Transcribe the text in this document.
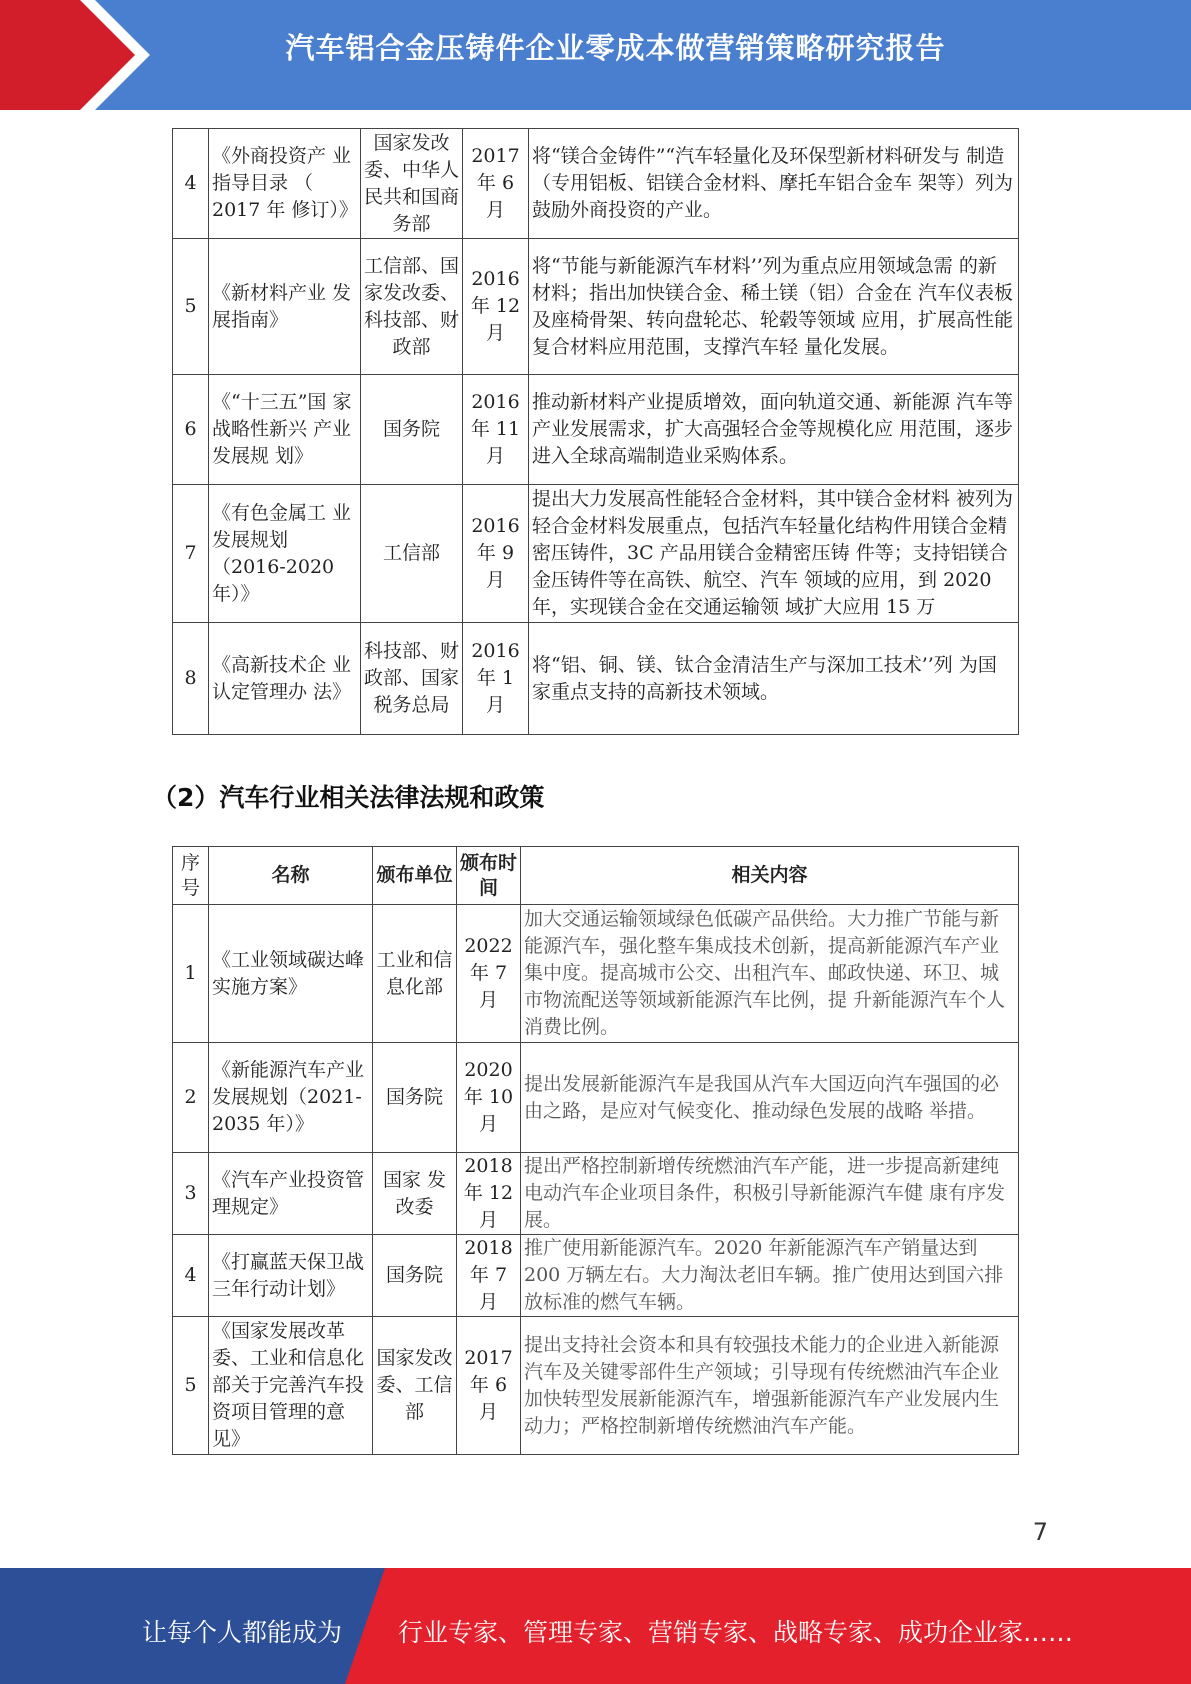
汽车铝合金压铸件企业零成本做营销策略研究报告
4	《外商投资产 业指导目录 （ 2017 年 修订）》	国家发改委、中华人民共和国商务部	2017 年 6 月	将“镁合金铸件”“汽车轻量化及环保型新材料研发与 制造（专用铝板、铝镁合金材料、摩托车铝合金车 架等）列为鼓励外商投资的产业。
5	《新材料产业 发展指南》	工信部、国家发改委、科技部、财政部	2016 年 12 月	将“节能与新能源汽车材料’’列为重点应用领域急需 的新材料；指出加快镁合金、稀土镁（铝）合金在 汽车仪表板及座椅骨架、转向盘轮芯、轮毂等领域 应用，扩展高性能复合材料应用范围，支撑汽车轻 量化发展。
6	《“十三五”国 家战略性新兴 产业发展规 划》	国务院	2016 年 11 月	推动新材料产业提质增效，面向轨道交通、新能源 汽车等产业发展需求，扩大高强轻合金等规模化应 用范围，逐步进入全球高端制造业采购体系。
7	《有色金属工 业发展规划（2016-2020 年）》	工信部	2016 年 9 月	提出大力发展高性能轻合金材料，其中镁合金材料 被列为轻合金材料发展重点，包括汽车轻量化结构件用镁合金精密压铸件，3C 产品用镁合金精密压铸 件等；支持铝镁合金压铸件等在高铁、航空、汽车 领域的应用，到 2020 年，实现镁合金在交通运输领 域扩大应用 15 万
8	《高新技术企 业认定管理办 法》	科技部、财政部、国家税务总局	2016 年 1 月	将“铝、铜、镁、钛合金清洁生产与深加工技术’’列 为国家重点支持的高新技术领域。
（2）汽车行业相关法律法规和政策
序号	名称	颁布单位	颁布时间	相关内容
1	《工业领域碳达峰实施方案》	工业和信息化部	2022 年 7 月	加大交通运输领域绿色低碳产品供给。大力推广节能与新能源汽车，强化整车集成技术创新，提高新能源汽车产业集中度。提高城市公交、出租汽车、邮政快递、环卫、城市物流配送等领域新能源汽车比例，提 升新能源汽车个人消费比例。
2	《新能源汽车产业发展规划（2021-2035 年）》	国务院	2020 年 10 月	提出发展新能源汽车是我国从汽车大国迈向汽车强国的必由之路，是应对气候变化、推动绿色发展的战略 举措。
3	《汽车产业投资管理规定》	国家 发改委	2018 年 12 月	提出严格控制新增传统燃油汽车产能，进一步提高新建纯电动汽车企业项目条件，积极引导新能源汽车健 康有序发展。
4	《打赢蓝天保卫战三年行动计划》	国务院	2018 年 7 月	推广使用新能源汽车。2020 年新能源汽车产销量达到 200 万辆左右。大力淘汰老旧车辆。推广使用达到国六排放标准的燃气车辆。
5	《国家发展改革委、工业和信息化部关于完善汽车投资项目管理的意见》	国家发改委、工信部	2017 年 6 月	提出支持社会资本和具有较强技术能力的企业进入新能源汽车及关键零部件生产领域；引导现有传统燃油汽车企业加快转型发展新能源汽车，增强新能源汽车产业发展内生动力；严格控制新增传统燃油汽车产能。
7
让每个人都能成为 行业专家、管理专家、营销专家、战略专家、成功企业家……
